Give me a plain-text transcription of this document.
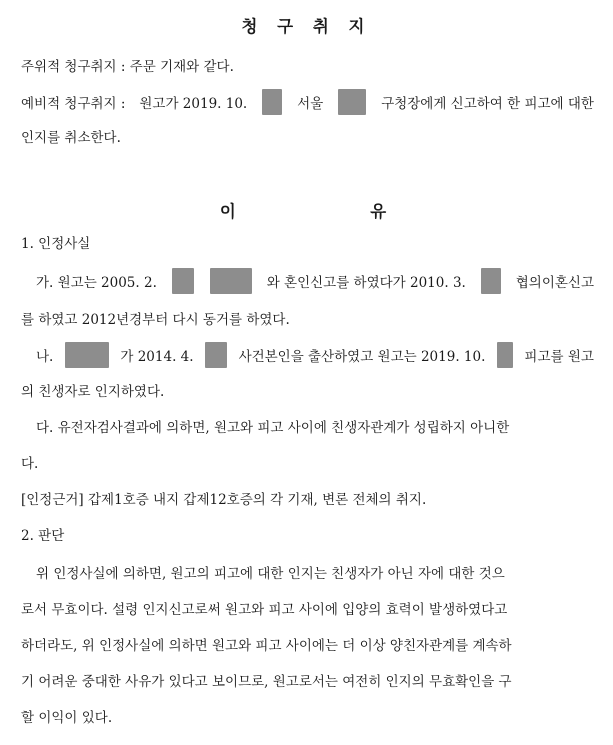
청 구 취 지
주위적 청구취지 : 주문 기재와 같다.
예비적 청구취지 : 원고가 2019. 10.	서울	구청장에게 신고하여 한 피고에 대한
인지를 취소한다.
이          유
1. 인정사실
가. 원고는 2005. 2.	와 혼인신고를 하였다가 2010. 3.	협의이혼신고
를 하였고 2012년경부터 다시 동거를 하였다.
나.	가 2014. 4.	사건본인을 출산하였고 원고는 2019. 10.	피고를 원고
의 친생자로 인지하였다.
다. 유전자검사결과에 의하면, 원고와 피고 사이에 친생자관계가 성립하지 아니한
다.
[인정근거] 갑제1호증 내지 갑제12호증의 각 기재, 변론 전체의 취지.
2. 판단
위 인정사실에 의하면, 원고의 피고에 대한 인지는 친생자가 아닌 자에 대한 것으
로서 무효이다. 설령 인지신고로써 원고와 피고 사이에 입양의 효력이 발생하였다고
하더라도, 위 인정사실에 의하면 원고와 피고 사이에는 더 이상 양친자관계를 계속하
기 어려운 중대한 사유가 있다고 보이므로, 원고로서는 여전히 인지의 무효확인을 구
할 이익이 있다.
